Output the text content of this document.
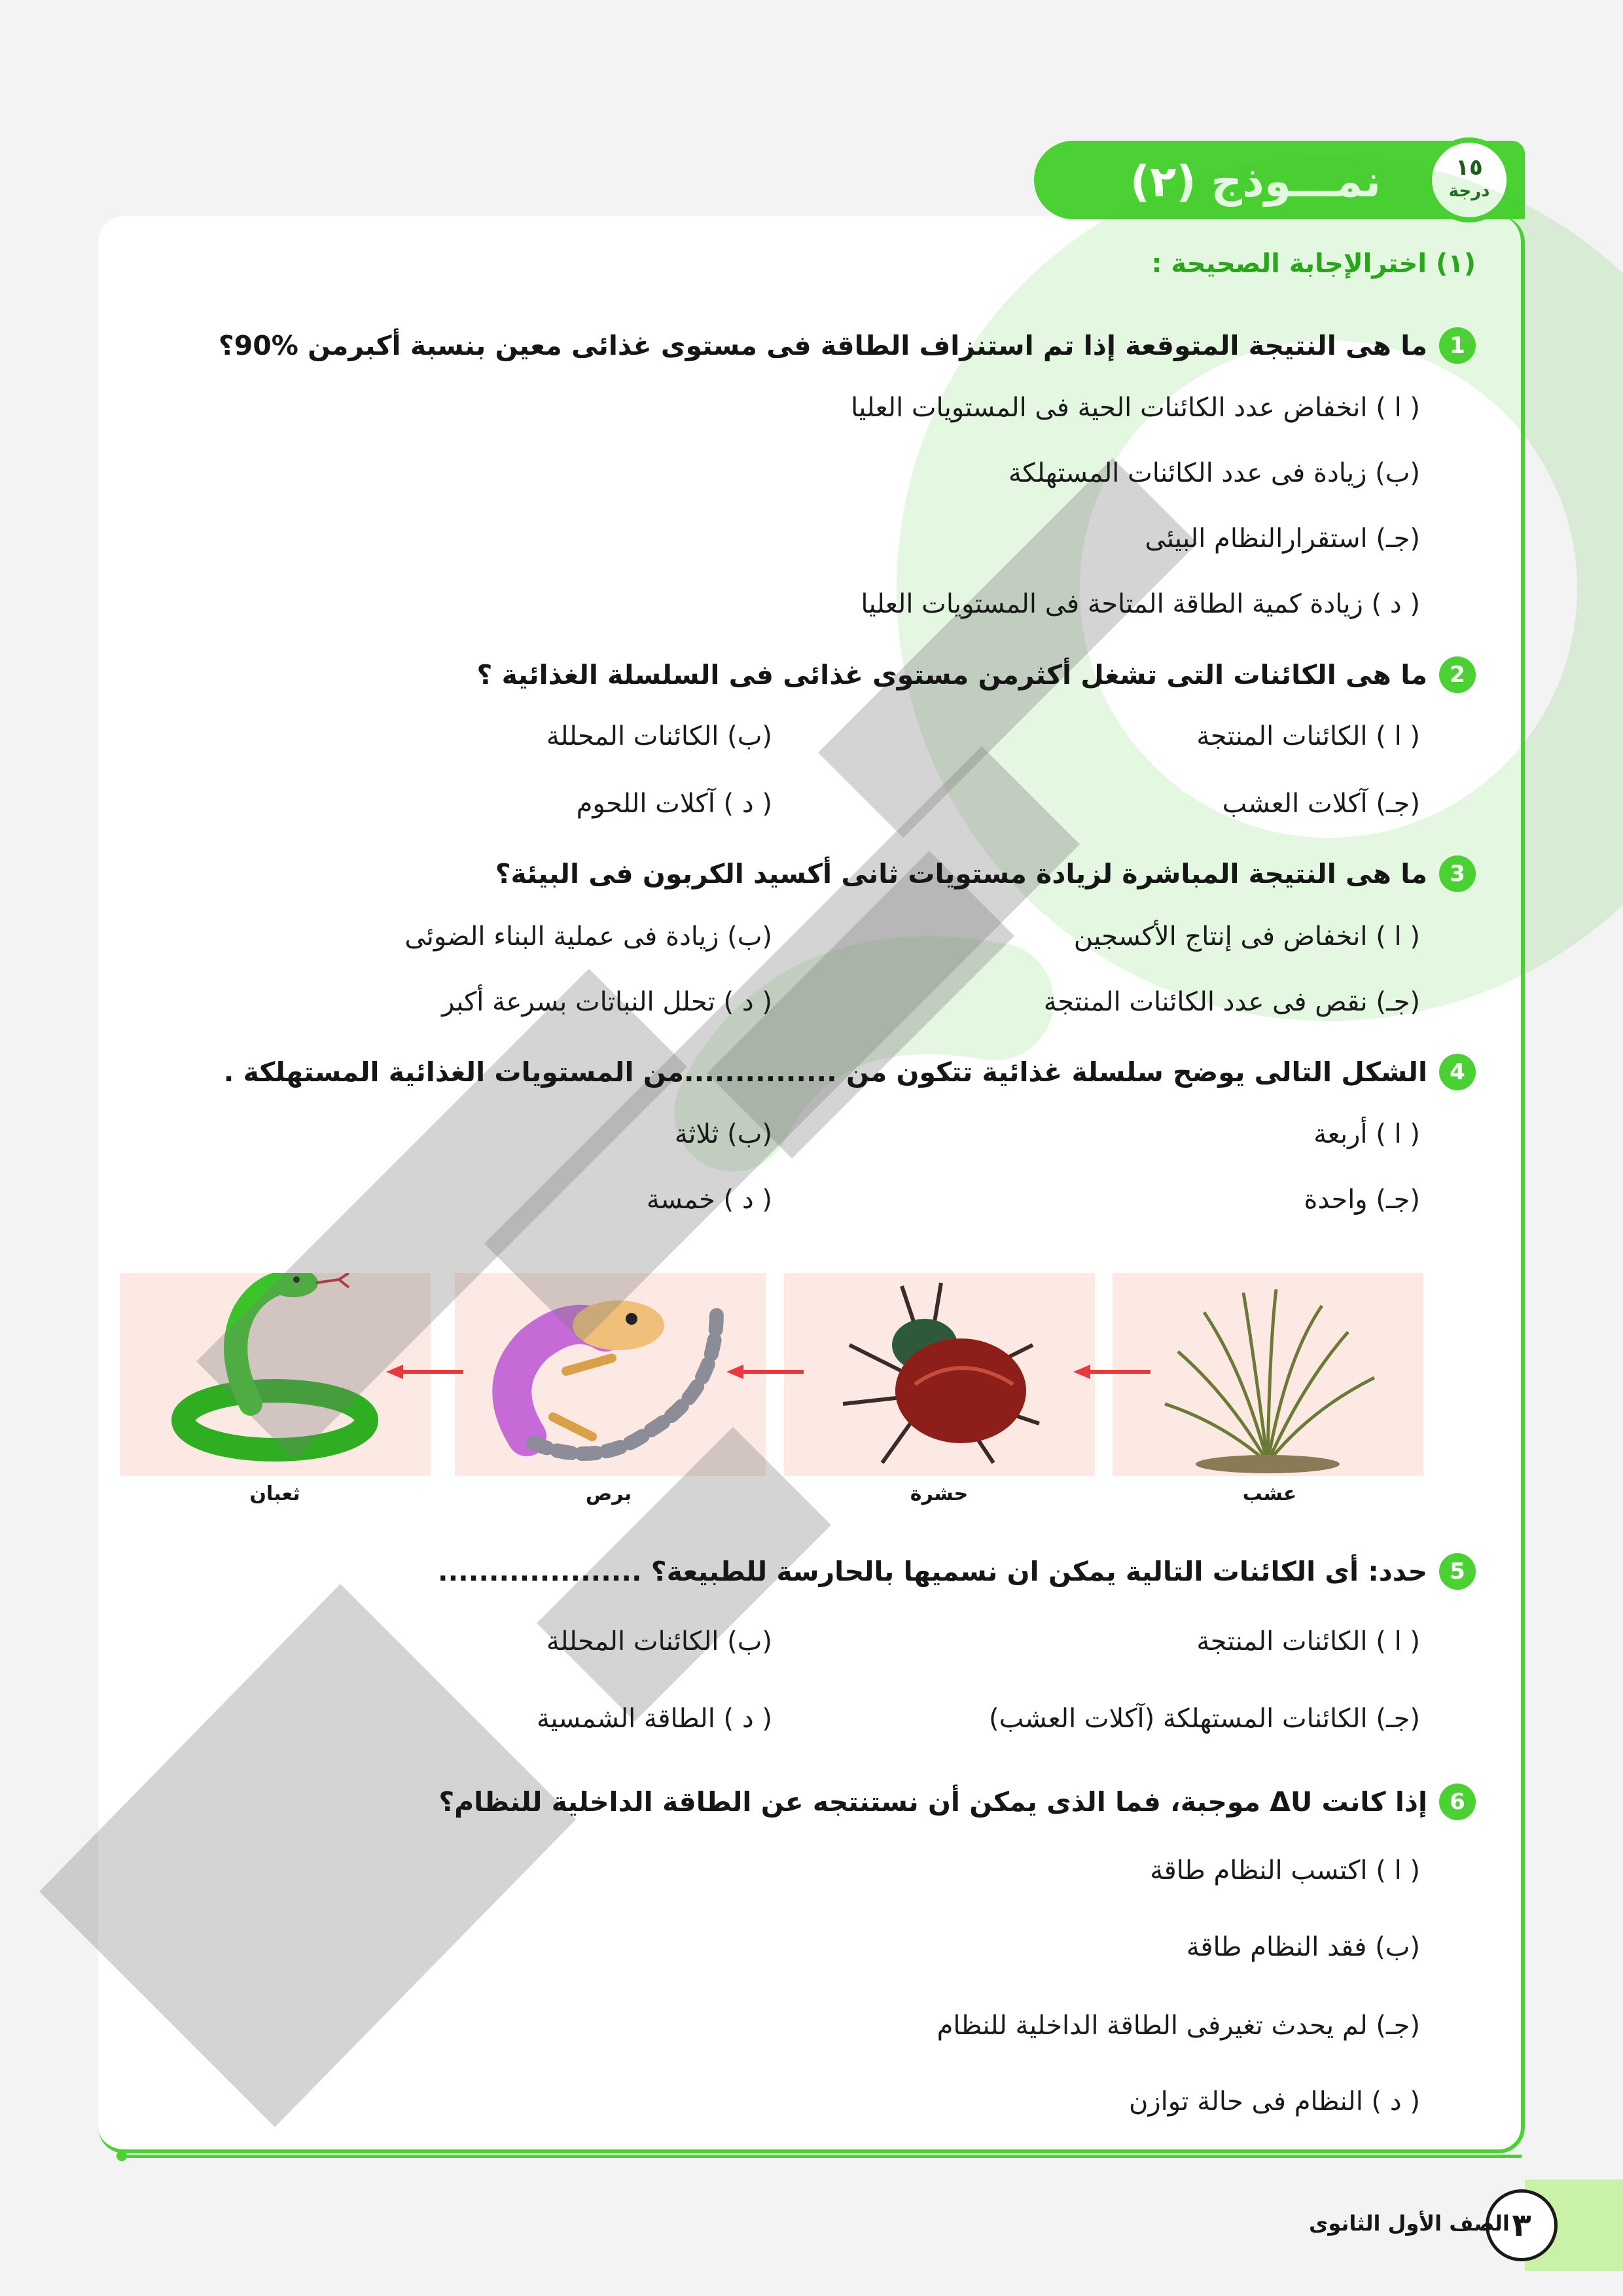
نمـــوذج (٢)	١٥
درجة
(١) اخترالإجابة الصحيحة :
1
ما هى النتيجة المتوقعة إذا تم استنزاف الطاقة فى مستوى غذائى معين بنسبة أكبرمن %90؟
( ا ) انخفاض عدد الكائنات الحية فى المستويات العليا
(ب) زيادة فى عدد الكائنات المستهلكة
(جـ) استقرارالنظام البيئى
( د ) زيادة كمية الطاقة المتاحة فى المستويات العليا
2
ما هى الكائنات التى تشغل أكثرمن مستوى غذائى فى السلسلة الغذائية ؟
( ا ) الكائنات المنتجة
(ب) الكائنات المحللة
(جـ) آكلات العشب
( د ) آكلات اللحوم
3
ما هى النتيجة المباشرة لزيادة مستويات ثانى أكسيد الكربون فى البيئة؟
( ا ) انخفاض فى إنتاج الأكسجين
(ب) زيادة فى عملية البناء الضوئى
(جـ) نقص فى عدد الكائنات المنتجة
( د ) تحلل النباتات بسرعة أكبر
4
الشكل التالى يوضح سلسلة غذائية تتكون من ...............من المستويات الغذائية المستهلكة .
( ا ) أربعة
(ب) ثلاثة
(جـ) واحدة
( د ) خمسة
عشب
حشرة
برص
ثعبان
5
حدد: أى الكائنات التالية يمكن ان نسميها بالحارسة للطبيعة؟ ....................
( ا ) الكائنات المنتجة
(ب) الكائنات المحللة
(جـ) الكائنات المستهلكة (آكلات العشب)
( د ) الطاقة الشمسية
6
إذا كانت ΔU موجبة، فما الذى يمكن أن نستنتجه عن الطاقة الداخلية للنظام؟
( ا ) اكتسب النظام طاقة
(ب) فقد النظام طاقة
(جـ) لم يحدث تغيرفى الطاقة الداخلية للنظام
( د ) النظام فى حالة توازن
٣
الصف الأول الثانوى
